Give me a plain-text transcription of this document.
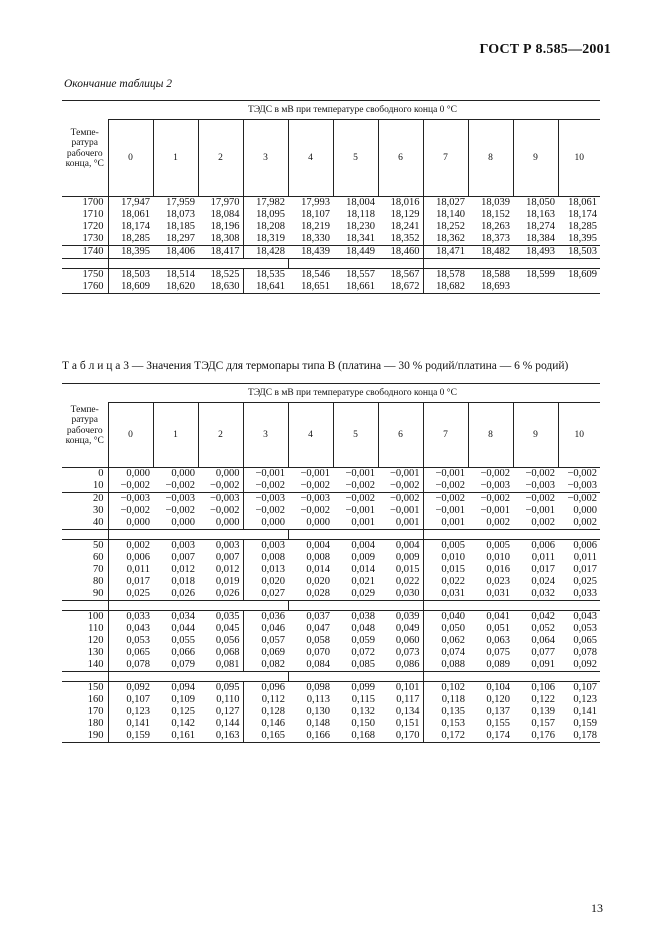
ГОСТ Р 8.585—2001
Окончание таблицы 2
Темпе-ратура рабочего конца, °С	ТЭДС в мВ при температуре свободного конца 0 °С										
	0	1	2	3	4	5	6	7	8	9	10
1700	17,947	17,959	17,970	17,982	17,993	18,004	18,016	18,027	18,039	18,050	18,061
1710	18,061	18,073	18,084	18,095	18,107	18,118	18,129	18,140	18,152	18,163	18,174
1720	18,174	18,185	18,196	18,208	18,219	18,230	18,241	18,252	18,263	18,274	18,285
1730	18,285	18,297	18,308	18,319	18,330	18,341	18,352	18,362	18,373	18,384	18,395
1740	18,395	18,406	18,417	18,428	18,439	18,449	18,460	18,471	18,482	18,493	18,503

1750	18,503	18,514	18,525	18,535	18,546	18,557	18,567	18,578	18,588	18,599	18,609
1760	18,609	18,620	18,630	18,641	18,651	18,661	18,672	18,682	18,693		
Т а б л и ц а 3 — Значения ТЭДС для термопары типа В (платина — 30 % родий/платина — 6 % родий)
Темпе-ратура рабочего конца, °С	ТЭДС в мВ при температуре свободного конца 0 °С										
	0	1	2	3	4	5	6	7	8	9	10
0	0,000	0,000	0,000	−0,001	−0,001	−0,001	−0,001	−0,001	−0,002	−0,002	−0,002
10	−0,002	−0,002	−0,002	−0,002	−0,002	−0,002	−0,002	−0,002	−0,003	−0,003	−0,003
20	−0,003	−0,003	−0,003	−0,003	−0,003	−0,002	−0,002	−0,002	−0,002	−0,002	−0,002
30	−0,002	−0,002	−0,002	−0,002	−0,002	−0,001	−0,001	−0,001	−0,001	−0,001	0,000
40	0,000	0,000	0,000	0,000	0,000	0,001	0,001	0,001	0,002	0,002	0,002

50	0,002	0,003	0,003	0,003	0,004	0,004	0,004	0,005	0,005	0,006	0,006
60	0,006	0,007	0,007	0,008	0,008	0,009	0,009	0,010	0,010	0,011	0,011
70	0,011	0,012	0,012	0,013	0,014	0,014	0,015	0,015	0,016	0,017	0,017
80	0,017	0,018	0,019	0,020	0,020	0,021	0,022	0,022	0,023	0,024	0,025
90	0,025	0,026	0,026	0,027	0,028	0,029	0,030	0,031	0,031	0,032	0,033

100	0,033	0,034	0,035	0,036	0,037	0,038	0,039	0,040	0,041	0,042	0,043
110	0,043	0,044	0,045	0,046	0,047	0,048	0,049	0,050	0,051	0,052	0,053
120	0,053	0,055	0,056	0,057	0,058	0,059	0,060	0,062	0,063	0,064	0,065
130	0,065	0,066	0,068	0,069	0,070	0,072	0,073	0,074	0,075	0,077	0,078
140	0,078	0,079	0,081	0,082	0,084	0,085	0,086	0,088	0,089	0,091	0,092

150	0,092	0,094	0,095	0,096	0,098	0,099	0,101	0,102	0,104	0,106	0,107
160	0,107	0,109	0,110	0,112	0,113	0,115	0,117	0,118	0,120	0,122	0,123
170	0,123	0,125	0,127	0,128	0,130	0,132	0,134	0,135	0,137	0,139	0,141
180	0,141	0,142	0,144	0,146	0,148	0,150	0,151	0,153	0,155	0,157	0,159
190	0,159	0,161	0,163	0,165	0,166	0,168	0,170	0,172	0,174	0,176	0,178
13
